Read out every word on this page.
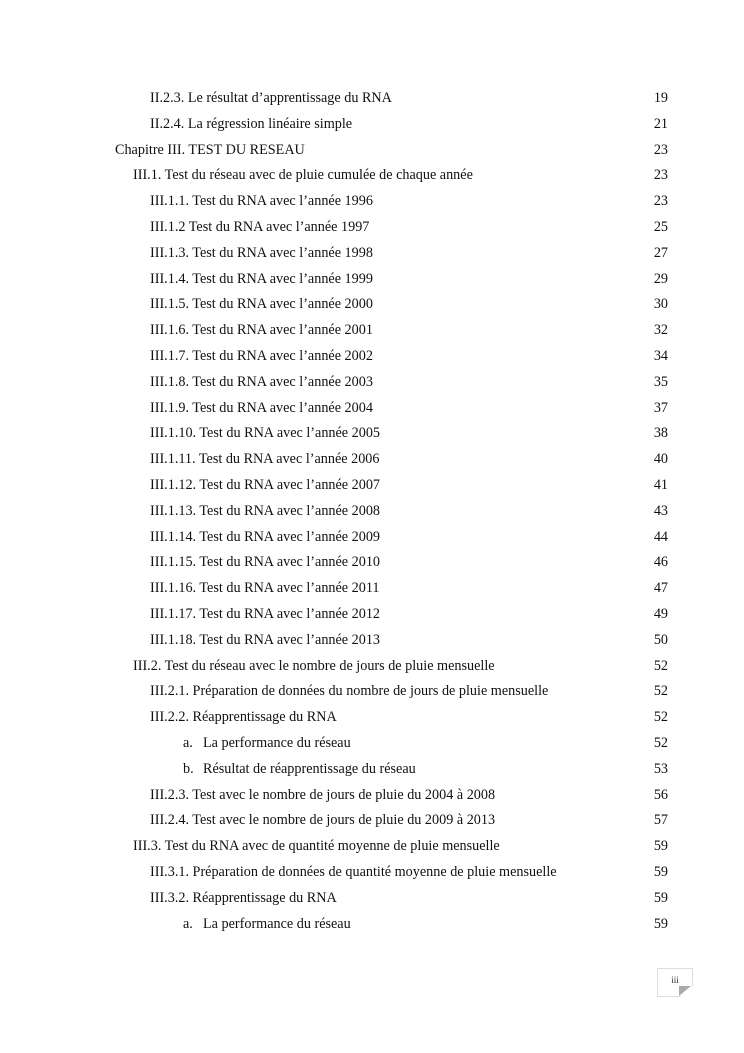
II.2.3. Le résultat d’apprentissage du RNA	19
II.2.4. La régression linéaire simple	21
Chapitre III. TEST DU RESEAU	23
III.1. Test du réseau avec de pluie cumulée de chaque année	23
III.1.1. Test du RNA avec l’année 1996	23
III.1.2 Test du RNA avec l’année 1997	25
III.1.3. Test du RNA avec l’année 1998	27
III.1.4. Test du RNA avec l’année 1999	29
III.1.5. Test du RNA avec l’année 2000	30
III.1.6. Test du RNA avec l’année 2001	32
III.1.7. Test du RNA avec l’année 2002	34
III.1.8. Test du RNA avec l’année 2003	35
III.1.9. Test du RNA avec l’année 2004	37
III.1.10. Test du RNA avec l’année 2005	38
III.1.11. Test du RNA avec l’année 2006	40
III.1.12. Test du RNA avec l’année 2007	41
III.1.13. Test du RNA avec l’année 2008	43
III.1.14. Test du RNA avec l’année 2009	44
III.1.15. Test du RNA avec l’année 2010	46
III.1.16. Test du RNA avec l’année 2011	47
III.1.17. Test du RNA avec l’année 2012	49
III.1.18. Test du RNA avec l’année 2013	50
III.2. Test du réseau avec le nombre de jours de pluie mensuelle	52
III.2.1. Préparation de données du nombre de jours de pluie mensuelle	52
III.2.2. Réapprentissage du RNA	52
a. La performance du réseau	52
b. Résultat de réapprentissage du réseau	53
III.2.3. Test avec le nombre de jours de pluie du 2004 à 2008	56
III.2.4. Test avec le nombre de jours de pluie du 2009 à 2013	57
III.3. Test du RNA avec de quantité moyenne de pluie mensuelle	59
III.3.1. Préparation de données de quantité moyenne de pluie mensuelle	59
III.3.2. Réapprentissage du RNA	59
a. La performance du réseau	59
iii
